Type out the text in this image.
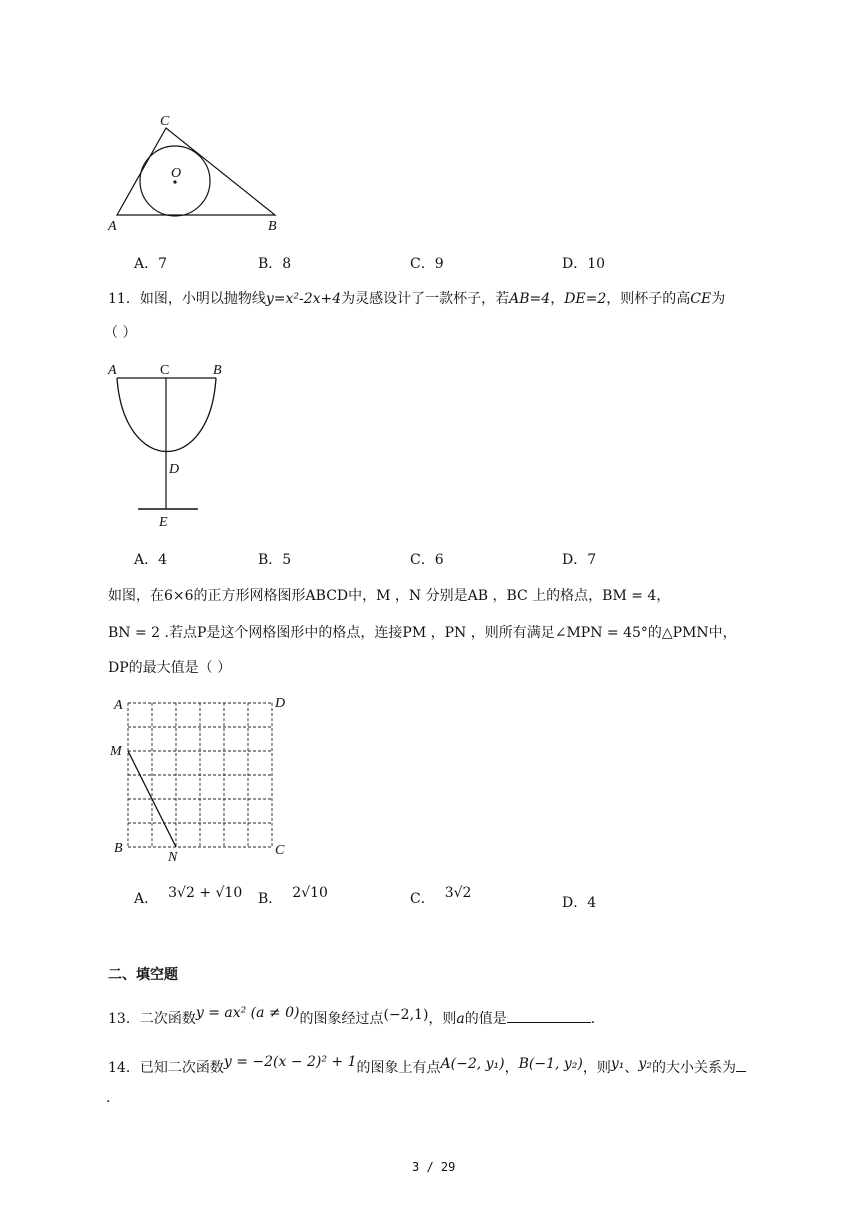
C
O
A	B
A．7	B．8	C．9	D．10
11．如图，小明以抛物线y=x²-2x+4为灵感设计了一款杯子，若AB=4，DE=2，则杯子的高CE为
（ ）
A	C	B
D
E
A．4	B．5	C．6	D．7
如图，在6×6的正方形网格图形ABCD中，M ，N 分别是AB ，BC 上的格点，BM = 4，
BN = 2 .若点P是这个网格图形中的格点，连接PM ，PN ，则所有满足∠MPN = 45°的△PMN中，
DP的最大值是（ ）
A	D
M
B
N	C
A． 3√2 + √10 B． 2√10	C． 3√2
D．4
二、填空题
13．二次函数y = ax² (a ≠ 0)的图象经过点(−2,1)，则a的值是	.
14．已知二次函数y = −2(x − 2)² + 1的图象上有点A(−2, y₁)，B(−1, y₂)，则y₁、y₂的大小关系为
.
3 / 29
